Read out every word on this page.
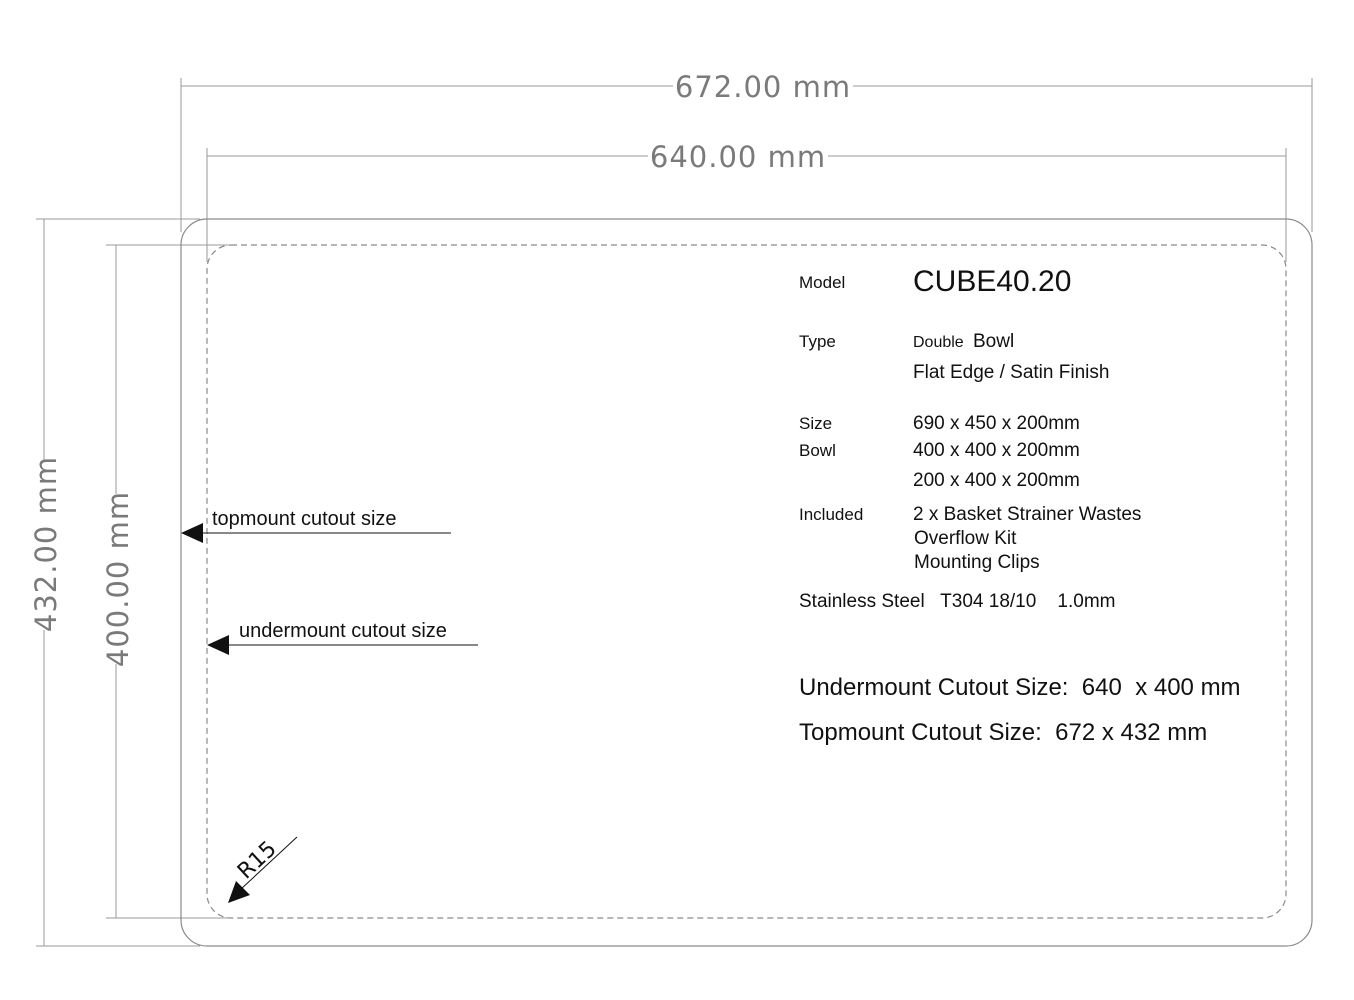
672.00 mm
640.00 mm
432.00 mm 400.00 mm	topmount cutout size
undermount cutout size
R15
Model CUBE40.20
Type	Double Bowl
Flat Edge / Satin Finish
Size	690 x 450 x 200mm
Bowl	400 x 400 x 200mm
200 x 400 x 200mm
Included	2 x Basket Strainer Wastes
Overflow Kit
Mounting Clips
Stainless Steel   T304 18/10    1.0mm
Undermount Cutout Size:  640  x 400 mm
Topmount Cutout Size:  672 x 432 mm
